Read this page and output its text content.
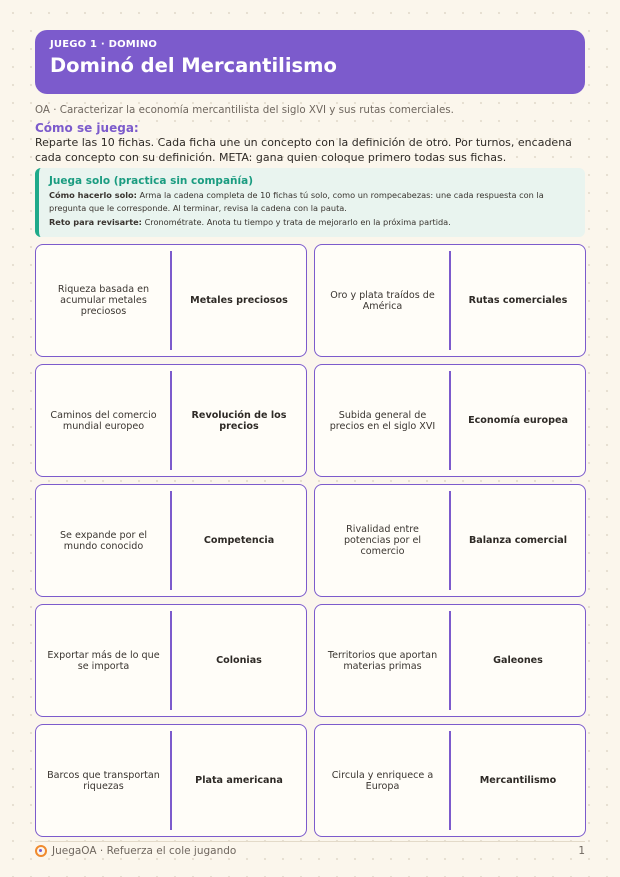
JUEGO 1 · DOMINO
Dominó del Mercantilismo
OA · Caracterizar la economía mercantilista del siglo XVI y sus rutas comerciales.
Cómo se juega:
Reparte las 10 fichas. Cada ficha une un concepto con la definición de otro. Por turnos, encadena cada concepto con su definición. META: gana quien coloque primero todas sus fichas.
Juega solo (practica sin compañía)
Cómo hacerlo solo: Arma la cadena completa de 10 fichas tú solo, como un rompecabezas: une cada respuesta con la pregunta que le corresponde. Al terminar, revisa la cadena con la pauta.
Reto para revisarte: Cronométrate. Anota tu tiempo y trata de mejorarlo en la próxima partida.
Riqueza basada en acumular metales preciosos
Metales preciosos	Oro y plata traídos de América	Rutas comerciales
Caminos del comercio mundial europeo
Revolución de los precios
Subida general de precios en el siglo XVI	Economía europea
Se expande por el mundo conocido	Competencia
Rivalidad entre potencias por el comercio
Balanza comercial
Exportar más de lo que se importa	Colonias	Territorios que aportan materias primas	Galeones
Barcos que transportan riquezas	Plata americana	Circula y enriquece a Europa	Mercantilismo
JuegaOA · Refuerza el cole jugando	1
